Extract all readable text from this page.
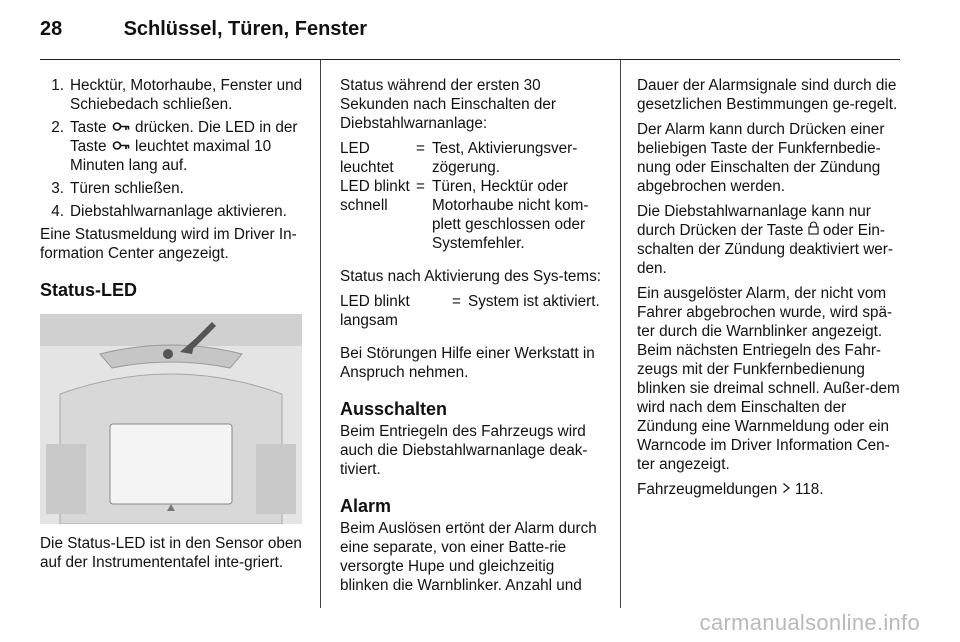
28	Schlüssel, Türen, Fenster
1. Hecktür, Motorhaube, Fenster und Schiebedach schließen.
2. Taste  drücken. Die LED in der Taste  leuchtet maximal 10 Minuten lang auf.
3. Türen schließen.
4. Diebstahlwarnanlage aktivieren.

Eine Statusmeldung wird im Driver In-formation Center angezeigt.

Status-LED

Die Status-LED ist in den Sensor oben auf der Instrumententafel inte-griert.

Status während der ersten 30 Sekunden nach Einschalten der Diebstahlwarnanlage:

LED leuchtet
= Test, Aktivierungsver-zögerung.
LED blinkt schnell
= Türen, Hecktür oder Motorhaube nicht kom-plett geschlossen oder Systemfehler.

Status nach Aktivierung des Sys-tems:

LED blinkt langsam
= System ist aktiviert.

Bei Störungen Hilfe einer Werkstatt in Anspruch nehmen.

Ausschalten

Beim Entriegeln des Fahrzeugs wird auch die Diebstahlwarnanlage deak-tiviert.

Alarm

Beim Auslösen ertönt der Alarm durch eine separate, von einer Batte-rie versorgte Hupe und gleichzeitig blinken die Warnblinker. Anzahl und

Dauer der Alarmsignale sind durch die gesetzlichen Bestimmungen ge-regelt.

Der Alarm kann durch Drücken einer beliebigen Taste der Funkfernbedie-nung oder Einschalten der Zündung abgebrochen werden.

Die Diebstahlwarnanlage kann nur durch Drücken der Taste  oder Ein-schalten der Zündung deaktiviert wer-den.

Ein ausgelöster Alarm, der nicht vom Fahrer abgebrochen wurde, wird spä-ter durch die Warnblinker angezeigt. Beim nächsten Entriegeln des Fahr-zeugs mit der Funkfernbedienung blinken sie dreimal schnell. Außer-dem wird nach dem Einschalten der Zündung eine Warnmeldung oder ein Warncode im Driver Information Cen-ter angezeigt.

Fahrzeugmeldungen  118.

carmanualsonline.info
